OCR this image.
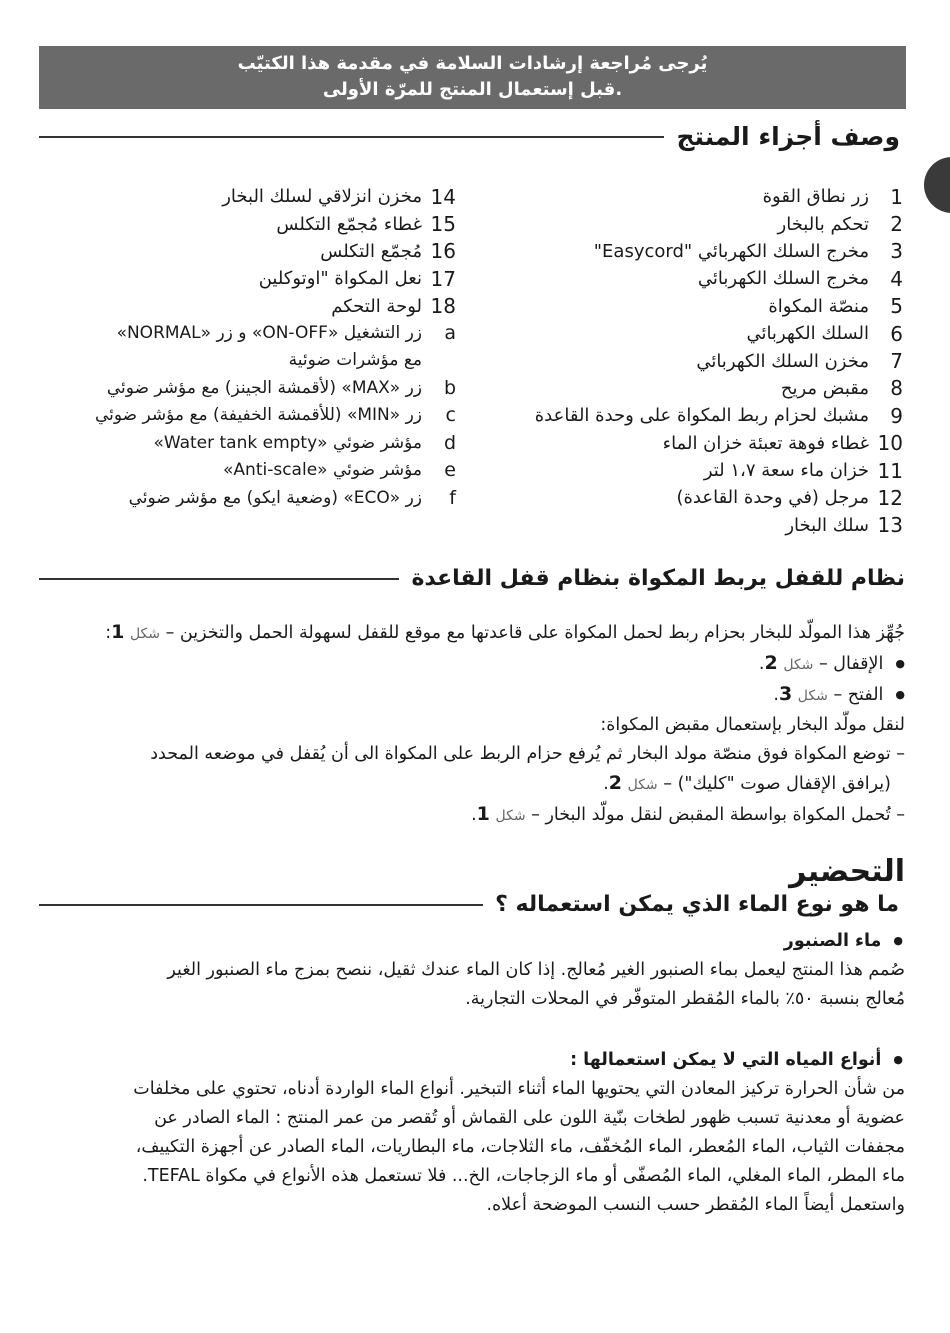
يُرجى مُراجعة إرشادات السلامة في مقدمة هذا الكتيّب
قبل إستعمال المنتج للمرّة الأولى.
وصف أجزاء المنتج
1
زر نطاق القوة
2
تحكم بالبخار
3
مخرج السلك الكهربائي "Easycord"
4
مخرج السلك الكهربائي
5
منصّة المكواة
6
السلك الكهربائي
7
مخزن السلك الكهربائي
8
مقبض مريح
9
مشبك لحزام ربط المكواة على وحدة القاعدة
10
غطاء فوهة تعبئة خزان الماء
11
خزان ماء سعة ١،٧ لتر
12
مرجل (في وحدة القاعدة)
13
سلك البخار
14
مخزن انزلاقي لسلك البخار
15
غطاء مُجمّع التكلس
16
مُجمّع التكلس
17
نعل المكواة "اوتوكلين
18
لوحة التحكم
a
زر التشغيل «ON-OFF» و زر «NORMAL»
مع مؤشرات ضوئية
b
زر «MAX» (لأقمشة الجينز) مع مؤشر ضوئي
c
زر «MIN» (للأقمشة الخفيفة) مع مؤشر ضوئي
d
مؤشر ضوئي «Water tank empty»
e
مؤشر ضوئي «Anti-scale»
f
زر «ECO» (وضعية ايكو) مع مؤشر ضوئي
نظام للقفل يربط المكواة بنظام قفل القاعدة
جُهِّز هذا المولّد للبخار بحزام ربط لحمل المكواة على قاعدتها مع موقع للقفل لسهولة الحمل والتخزين – شكل 1:
● الإقفال – شكل 2.
● الفتح – شكل 3.
لنقل مولّد البخار بإستعمال مقبض المكواة:
– توضع المكواة فوق منصّة مولد البخار ثم يُرفع حزام الربط على المكواة الى أن يُقفل في موضعه المحدد
(يرافق الإقفال صوت "كليك") – شكل 2.
– تُحمل المكواة بواسطة المقبض لنقل مولّد البخار – شكل 1.
التحضير
ما هو نوع الماء الذي يمكن استعماله ؟
● ماء الصنبور
صُمم هذا المنتج ليعمل بماء الصنبور الغير مُعالج. إذا كان الماء عندك ثقيل، ننصح بمزج ماء الصنبور الغير
مُعالج بنسبة ٥٠٪ بالماء المُقطر المتوفّر في المحلات التجارية.
● أنواع المياه التي لا يمكن استعمالها :
من شأن الحرارة تركيز المعادن التي يحتويها الماء أثناء التبخير. أنواع الماء الواردة أدناه، تحتوي على مخلفات
عضوية أو معدنية تسبب ظهور لطخات بنّية اللون على القماش أو تُقصر من عمر المنتج : الماء الصادر عن
مجففات الثياب، الماء المُعطر، الماء المُخفّف، ماء الثلاجات، ماء البطاريات، الماء الصادر عن أجهزة التكييف،
ماء المطر، الماء المغلي، الماء المُصفّى أو ماء الزجاجات، الخ... فلا تستعمل هذه الأنواع في مكواة TEFAL.
واستعمل أيضاً الماء المُقطر حسب النسب الموضحة أعلاه.
